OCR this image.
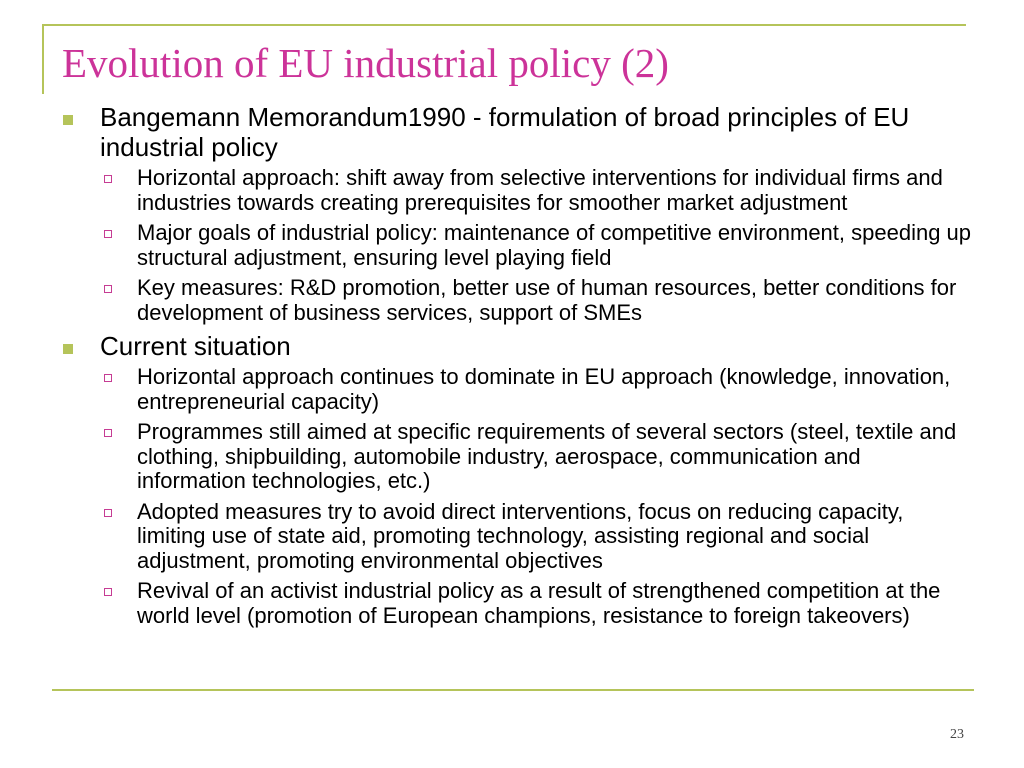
Evolution of EU industrial policy (2)
Bangemann Memorandum1990 - formulation of broad principles of EU industrial policy
Horizontal approach: shift away from selective interventions for individual firms and industries towards creating prerequisites for smoother market adjustment
Major goals of industrial policy: maintenance of competitive environment, speeding up structural adjustment, ensuring level playing field
Key measures: R&D promotion, better use of human resources, better conditions for development of business services, support of SMEs
Current situation
Horizontal approach continues to dominate in EU approach (knowledge, innovation, entrepreneurial capacity)
Programmes still aimed at specific requirements of several sectors (steel, textile and clothing, shipbuilding, automobile industry, aerospace, communication and information technologies, etc.)
Adopted measures try to avoid direct interventions, focus on reducing capacity, limiting use of state aid, promoting technology, assisting regional and social adjustment, promoting environmental objectives
Revival of an activist industrial policy as a result of strengthened competition at the world level (promotion of European champions, resistance to foreign takeovers)
23
